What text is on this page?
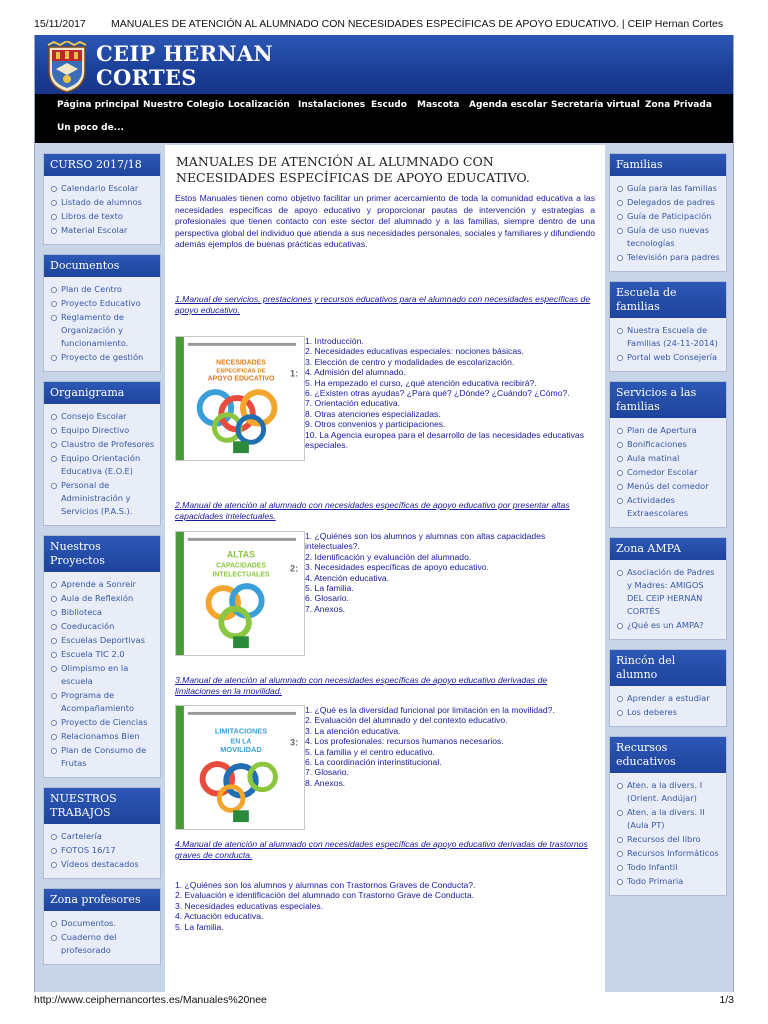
15/11/2017 MANUALES DE ATENCIÓN AL ALUMNADO CON NECESIDADES ESPECÍFICAS DE APOYO EDUCATIVO. | CEIP Hernan Cortes
CEIP HERNAN
CORTES
Página principal Nuestro Colegio Localización Instalaciones Escudo Mascota Agenda escolar Secretaría virtual Zona Privada
Un poco de...
CURSO 2017/18
Calendario Escolar
Listado de alumnos
Libros de texto
Material Escolar
Documentos
Plan de Centro
Proyecto Educativo
Reglamento de Organización y funcionamiento.
Proyecto de gestión
Organigrama
Consejo Escolar
Equipo Directivo
Claustro de Profesores
Equipo Orientación Educativa (E.O.E)
Personal de Administración y Servicios (P.A.S.).
Nuestros Proyectos
Aprende a Sonreir
Aula de Reflexión
Biblioteca
Coeducación
Escuelas Deportivas
Escuela TIC 2.0
Olimpismo en la escuela
Programa de Acompañamiento
Proyecto de Ciencias
Relacionamos Bien
Plan de Consumo de Frutas
NUESTROS TRABAJOS
Cartelería
FOTOS 16/17
Vídeos destacados
Zona profesores
Documentos.
Cuaderno del profesorado
MANUALES DE ATENCIÓN AL ALUMNADO CON NECESIDADES ESPECÍFICAS DE APOYO EDUCATIVO.

Estos Manuales tienen como objetivo facilitar un primer acercamiento de toda la comunidad educativa a las necesidades específicas de apoyo educativo y proporcionar pautas de intervención y estrategias a profesionales que tienen contacto con este sector del alumnado y a las familias, siempre dentro de una perspectiva global del individuo que atienda a sus necesidades personales, sociales y familiares y difundiendo además ejemplos de buenas prácticas educativas.

1.Manual de servicios, prestaciones y recursos educativos para el alumnado con necesidades específicas de apoyo educativo.
NECESIDADES
ESPECÍFICAS DE
APOYO EDUCATIVO
1:
1. Introducción.
2. Necesidades educativas especiales: nociones básicas.
3. Elección de centro y modalidades de escolarización.
4. Admisión del alumnado.
5. Ha empezado el curso, ¿qué atención educativa recibirá?.
6. ¿Existen otras ayudas? ¿Para qué? ¿Dónde? ¿Cuándo? ¿Cómo?.
7. Orientación educativa.
8. Otras atenciones especializadas.
9. Otros convenios y participaciones.
10. La Agencia europea para el desarrollo de las necesidades educativas especiales.
2.Manual de atención al alumnado con necesidades específicas de apoyo educativo por presentar altas capacidades intelectuales.
ALTAS
CAPACIDADES
INTELECTUALES
2:
1. ¿Quiénes son los alumnos y alumnas con altas capacidades intelectuales?.
2. Identificación y evaluación del alumnado.
3. Necesidades específicas de apoyo educativo.
4. Atención educativa.
5. La familia.
6. Glosario.
7. Anexos.
3.Manual de atención al alumnado con necesidades específicas de apoyo educativo derivadas de limitaciones en la movilidad.
LIMITACIONES
EN LA
MOVILIDAD
3:
1. ¿Qué es la diversidad funcional por limitación en la movilidad?.
2. Evaluación del alumnado y del contexto educativo.
3. La atención educativa.
4. Los profesionales: recursos humanos necesarios.
5. La familia y el centro educativo.
6. La coordinación interinstitucional.
7. Glosario.
8. Anexos.
4.Manual de atención al alumnado con necesidades específicas de apoyo educativo derivadas de trastornos graves de conducta.
1. ¿Quiénes son los alumnos y alumnas con Trastornos Graves de Conducta?.
2. Evaluación e identificación del alumnado con Trastorno Grave de Conducta.
3. Necesidades educativas especiales.
4. Actuación educativa.
5. La familia.
Familias
Guía para las familias
Delegados de padres
Guía de Paticipación
Guía de uso nuevas tecnologías
Televisión para padres
Escuela de familias
Nuestra Escuela de Familias (24-11-2014)
Portal web Consejería
Servicios a las familias
Plan de Apertura
Bonificaciones
Aula matinal
Comedor Escolar
Menús del comedor
Actividades Extraescolares
Zona AMPA
Asociación de Padres y Madres: AMIGOS DEL CEIP HERNÁN CORTÉS
¿Qué es un AMPA?
Rincón del alumno
Aprender a estudiar
Los deberes
Recursos educativos
Aten. a la divers. I (Orient. Andújar)
Aten. a la divers. II (Aula PT)
Recursos del libro
Recursos Informáticos
Todo Infantil
Todo Primaria
http://www.ceiphernancortes.es/Manuales%20nee	1/3
